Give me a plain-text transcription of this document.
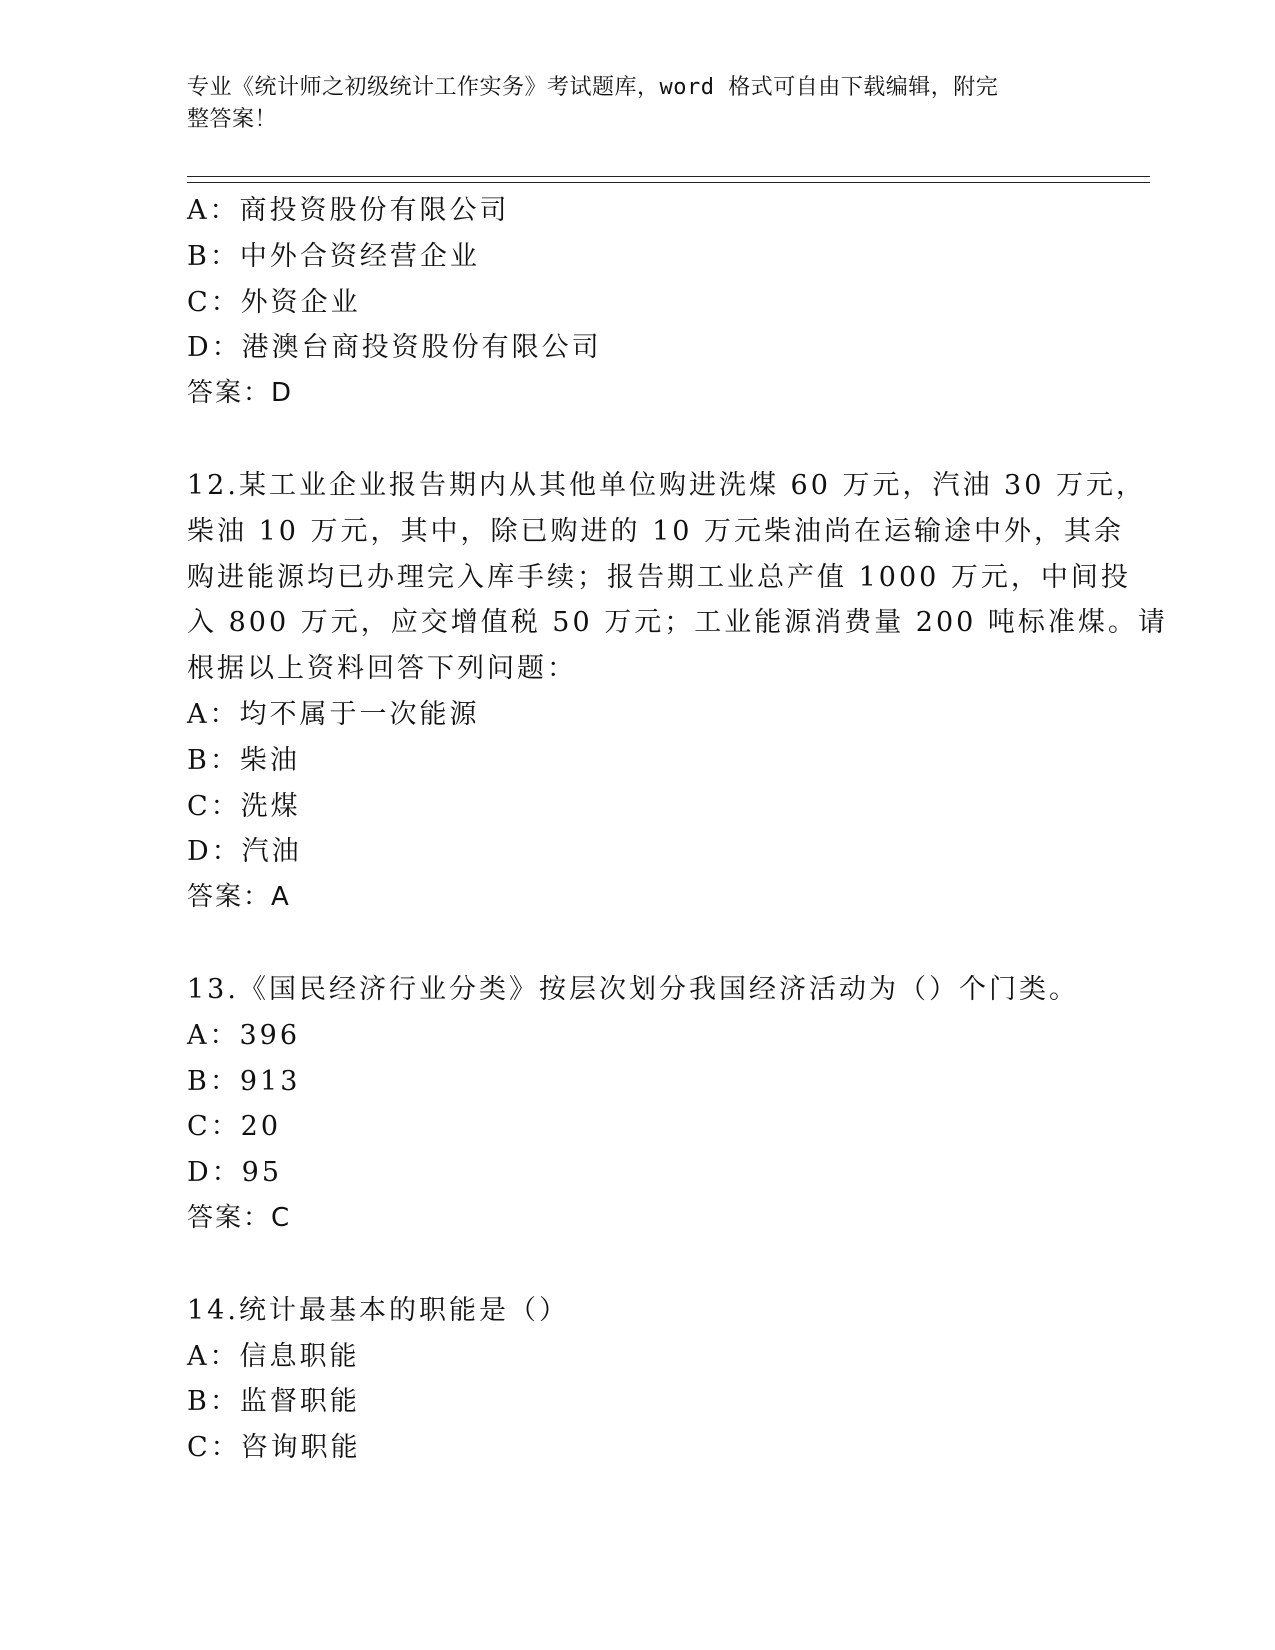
专业《统计师之初级统计工作实务》考试题库，word 格式可自由下载编辑，附完
整答案！
A：商投资股份有限公司
B：中外合资经营企业
C：外资企业
D：港澳台商投资股份有限公司
答案：D
12.某工业企业报告期内从其他单位购进洗煤 60 万元，汽油 30 万元，
柴油 10 万元，其中，除已购进的 10 万元柴油尚在运输途中外，其余
购进能源均已办理完入库手续；报告期工业总产值 1000 万元，中间投
入 800 万元，应交增值税 50 万元；工业能源消费量 200 吨标准煤。请
根据以上资料回答下列问题：
A：均不属于一次能源
B：柴油
C：洗煤
D：汽油
答案：A
13.《国民经济行业分类》按层次划分我国经济活动为（）个门类。
A：396
B：913
C：20
D：95
答案：C
14.统计最基本的职能是（）
A：信息职能
B：监督职能
C：咨询职能
